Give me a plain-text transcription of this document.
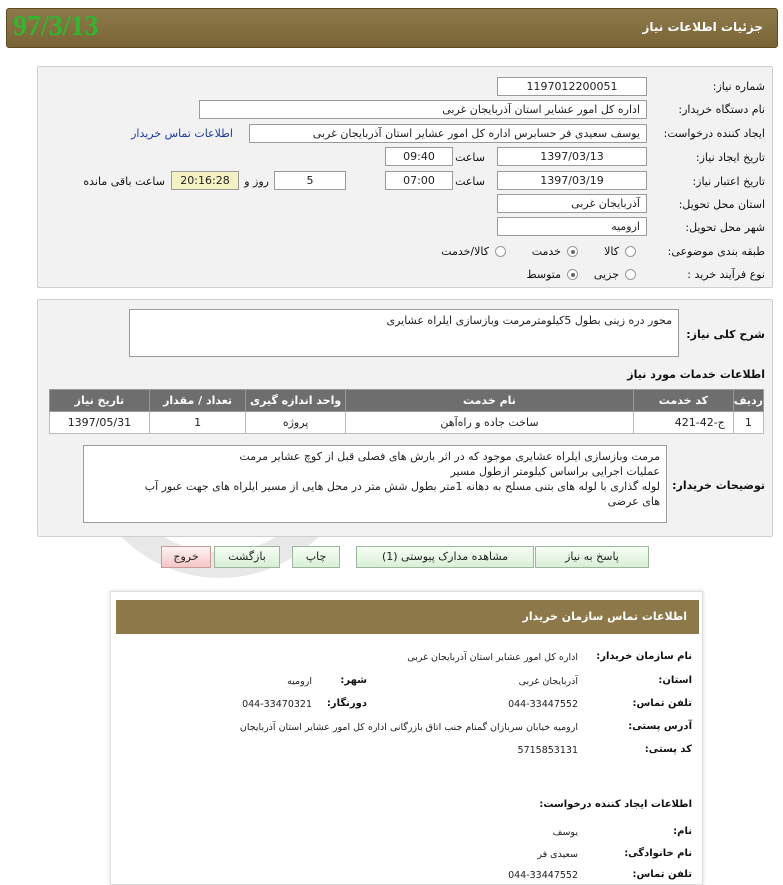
جزئیات اطلاعات نیاز
97/3/13
شماره نیاز:
1197012200051
نام دستگاه خریدار:
اداره کل امور عشایر استان آذربایجان غربی
ایجاد کننده درخواست:
یوسف سعیدی فر حسابرس اداره کل امور عشایر استان آذربایجان غربی
اطلاعات تماس خریدار
تاریخ ایجاد نیاز:
1397/03/13
ساعت
09:40
تاریخ اعتبار نیاز:
1397/03/19
ساعت
07:00
5
روز و
20:16:28
ساعت باقی مانده
استان محل تحویل:
آذربایجان غربی
شهر محل تحویل:
ارومیه
طبقه بندی موضوعی:
کالا
خدمت
کالا/خدمت
نوع فرآیند خرید :
جزیی
متوسط
شرح کلی نیاز:
محور دره زینی بطول 5کیلومترمرمت وبازسازی ایلراه عشایری
اطلاعات خدمات مورد نیاز
ردیف	کد خدمت	نام خدمت	واحد اندازه گیری	تعداد / مقدار	تاریخ نیاز
1	ج-42-421	ساخت جاده و راه‌آهن	پروژه	1	1397/05/31
توضیحات خریدار:
مرمت وبازسازی ایلراه عشایری موجود که در اثر بارش های فصلی قبل از کوچ عشایر مرمت
عملیات اجرایی براساس کیلومتر ازطول مسیر
لوله گذاری با لوله های بتنی مسلح به دهانه 1متر بطول شش متر در محل هایی از مسیر ایلراه های جهت عبور آب
های عرضی
پاسخ به نیاز
مشاهده مدارک پیوستی (1)
چاپ
بازگشت
خروج
اطلاعات تماس سازمان خریدار
نام سازمان خریدار:
اداره کل امور عشایر استان آذربایجان غربی
استان:
آذربایجان غربی
شهر:
ارومیه
تلفن تماس:
044-33447552
دورنگار:
044-33470321
آدرس پستی:
ارومیه خیابان سربازان گمنام جنب اتاق بازرگانی اداره کل امور عشایر استان آذربایجان
کد پستی:
5715853131
اطلاعات ایجاد کننده درخواست:
نام:
یوسف
نام خانوادگی:
سعیدی فر
تلفن تماس:
044-33447552
